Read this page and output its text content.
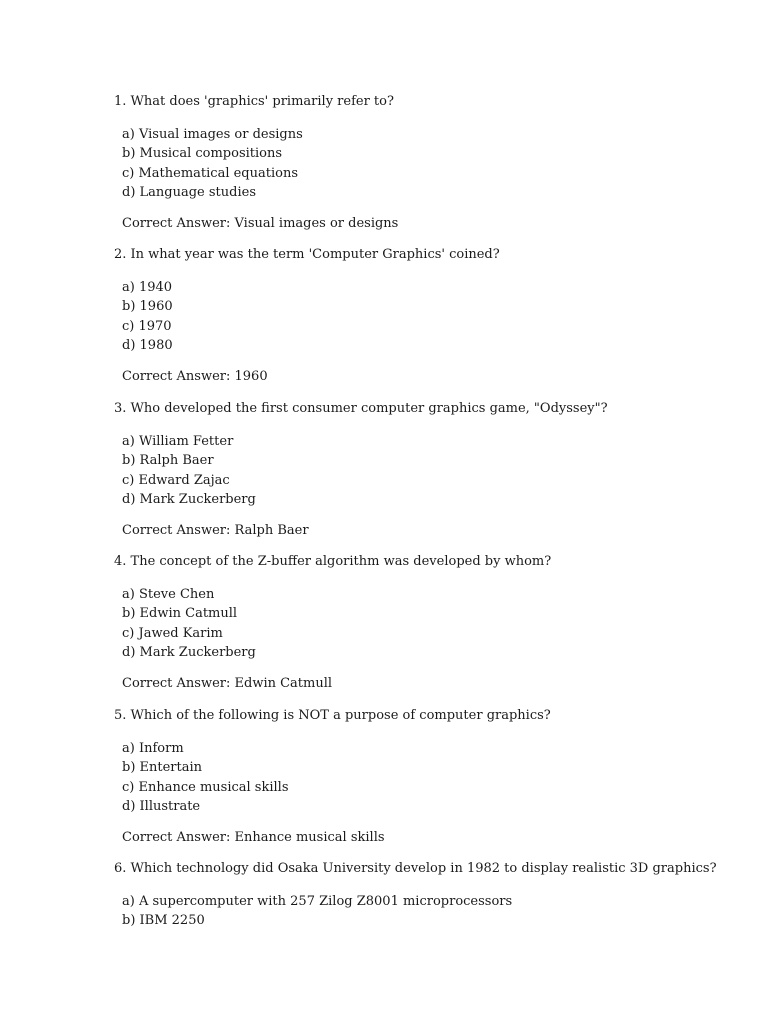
1. What does 'graphics' primarily refer to?

a) Visual images or designs
b) Musical compositions
c) Mathematical equations
d) Language studies

Correct Answer: Visual images or designs

2. In what year was the term 'Computer Graphics' coined?

a) 1940
b) 1960
c) 1970
d) 1980

Correct Answer: 1960

3. Who developed the first consumer computer graphics game, "Odyssey"?

a) William Fetter
b) Ralph Baer
c) Edward Zajac
d) Mark Zuckerberg

Correct Answer: Ralph Baer

4. The concept of the Z-buffer algorithm was developed by whom?

a) Steve Chen
b) Edwin Catmull
c) Jawed Karim
d) Mark Zuckerberg

Correct Answer: Edwin Catmull

5. Which of the following is NOT a purpose of computer graphics?

a) Inform
b) Entertain
c) Enhance musical skills
d) Illustrate

Correct Answer: Enhance musical skills

6. Which technology did Osaka University develop in 1982 to display realistic 3D graphics?

a) A supercomputer with 257 Zilog Z8001 microprocessors
b) IBM 2250
